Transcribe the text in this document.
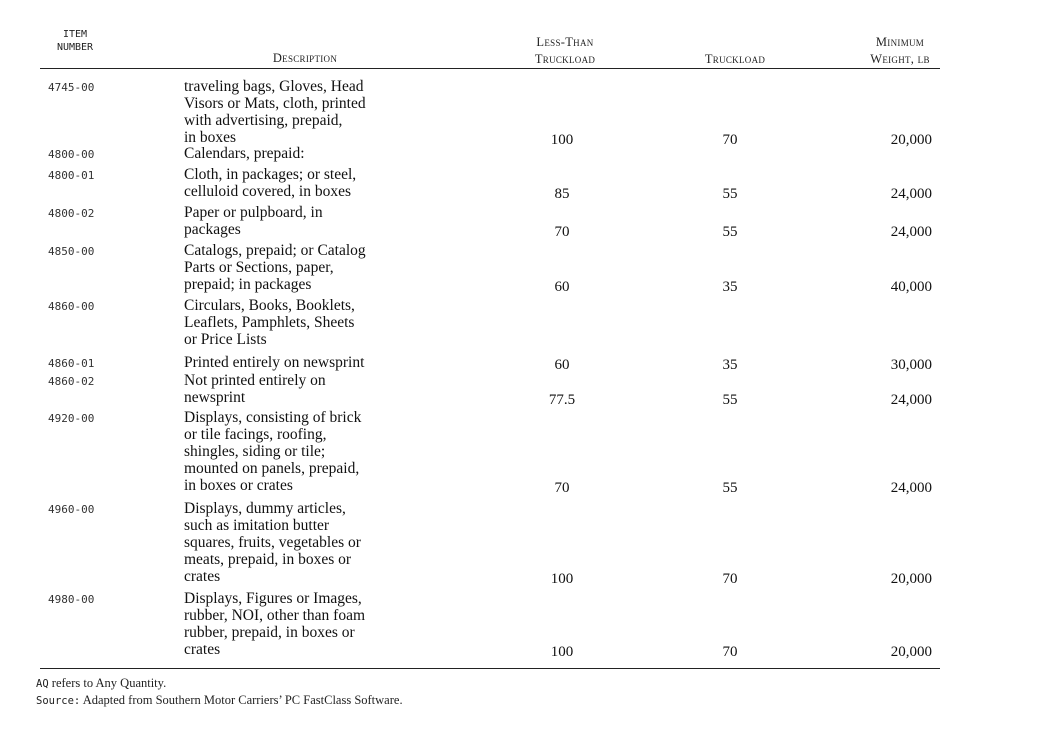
ITEM
NUMBER
Description
Less-Than
Truckload	Truckload
Minimum
Weight, lb
4745-00	traveling bags, Gloves, Head
Visors or Mats, cloth, printed
with advertising, prepaid,
in boxes	100	70	20,000
4800-00	Calendars, prepaid:
4800-01	Cloth, in packages; or steel,
celluloid covered, in boxes	85	55	24,000
4800-02	Paper or pulpboard, in
packages	70	55	24,000
4850-00	Catalogs, prepaid; or Catalog
Parts or Sections, paper,
prepaid; in packages	60	35	40,000
4860-00	Circulars, Books, Booklets,
Leaflets, Pamphlets, Sheets
or Price Lists
4860-01	Printed entirely on newsprint	60	35	30,000
4860-02	Not printed entirely on
newsprint	77.5	55	24,000
4920-00	Displays, consisting of brick
or tile facings, roofing,
shingles, siding or tile;
mounted on panels, prepaid,
in boxes or crates	70	55	24,000
4960-00	Displays, dummy articles,
such as imitation butter
squares, fruits, vegetables or
meats, prepaid, in boxes or
crates	100	70	20,000
4980-00	Displays, Figures or Images,
rubber, NOI, other than foam
rubber, prepaid, in boxes or
crates	100	70	20,000
AQ refers to Any Quantity.
Source: Adapted from Southern Motor Carriers’ PC FastClass Software.
